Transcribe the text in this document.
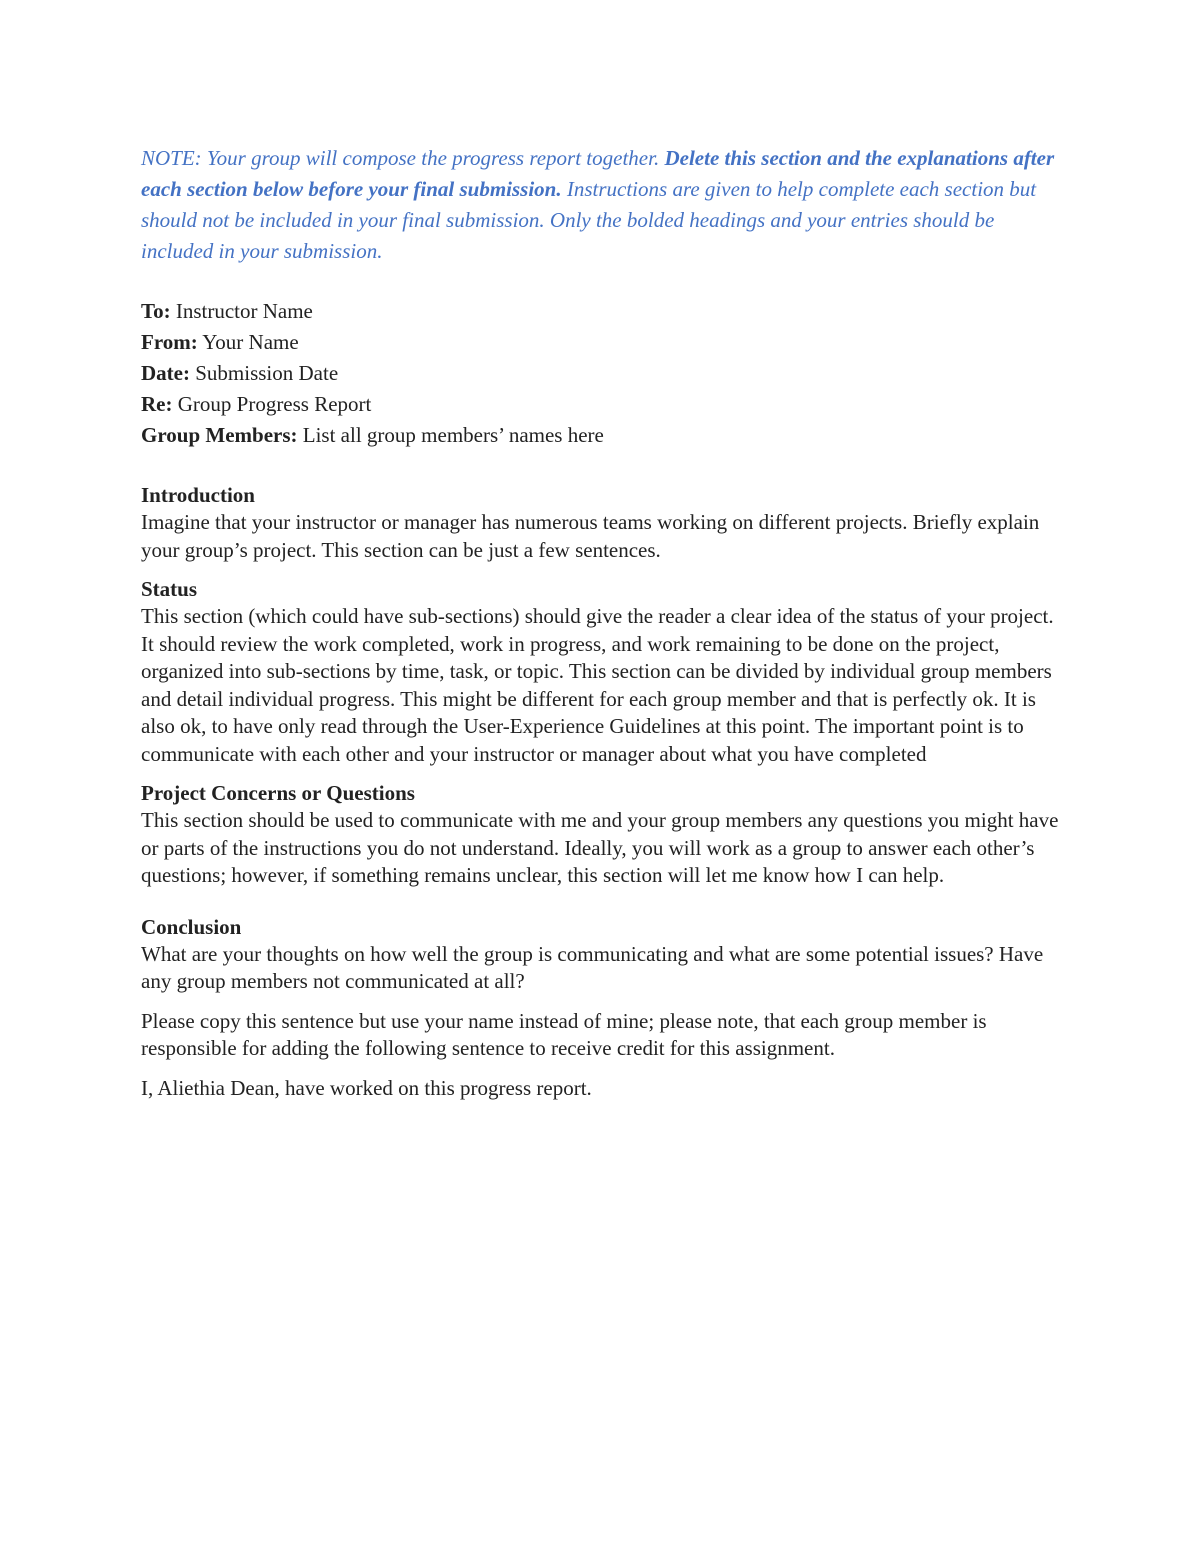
NOTE: Your group will compose the progress report together. Delete this section and the explanations after each section below before your final submission. Instructions are given to help complete each section but should not be included in your final submission. Only the bolded headings and your entries should be included in your submission.

To: Instructor Name

From: Your Name

Date: Submission Date

Re: Group Progress Report

Group Members: List all group members’ names here

Introduction

Imagine that your instructor or manager has numerous teams working on different projects. Briefly explain your group’s project. This section can be just a few sentences.

Status

This section (which could have sub-sections) should give the reader a clear idea of the status of your project. It should review the work completed, work in progress, and work remaining to be done on the project, organized into sub-sections by time, task, or topic. This section can be divided by individual group members and detail individual progress. This might be different for each group member and that is perfectly ok. It is also ok, to have only read through the User-Experience Guidelines at this point. The important point is to communicate with each other and your instructor or manager about what you have completed

Project Concerns or Questions

This section should be used to communicate with me and your group members any questions you might have or parts of the instructions you do not understand. Ideally, you will work as a group to answer each other’s questions; however, if something remains unclear, this section will let me know how I can help.

Conclusion

What are your thoughts on how well the group is communicating and what are some potential issues? Have any group members not communicated at all?

Please copy this sentence but use your name instead of mine; please note, that each group member is responsible for adding the following sentence to receive credit for this assignment.

I, Aliethia Dean, have worked on this progress report.
